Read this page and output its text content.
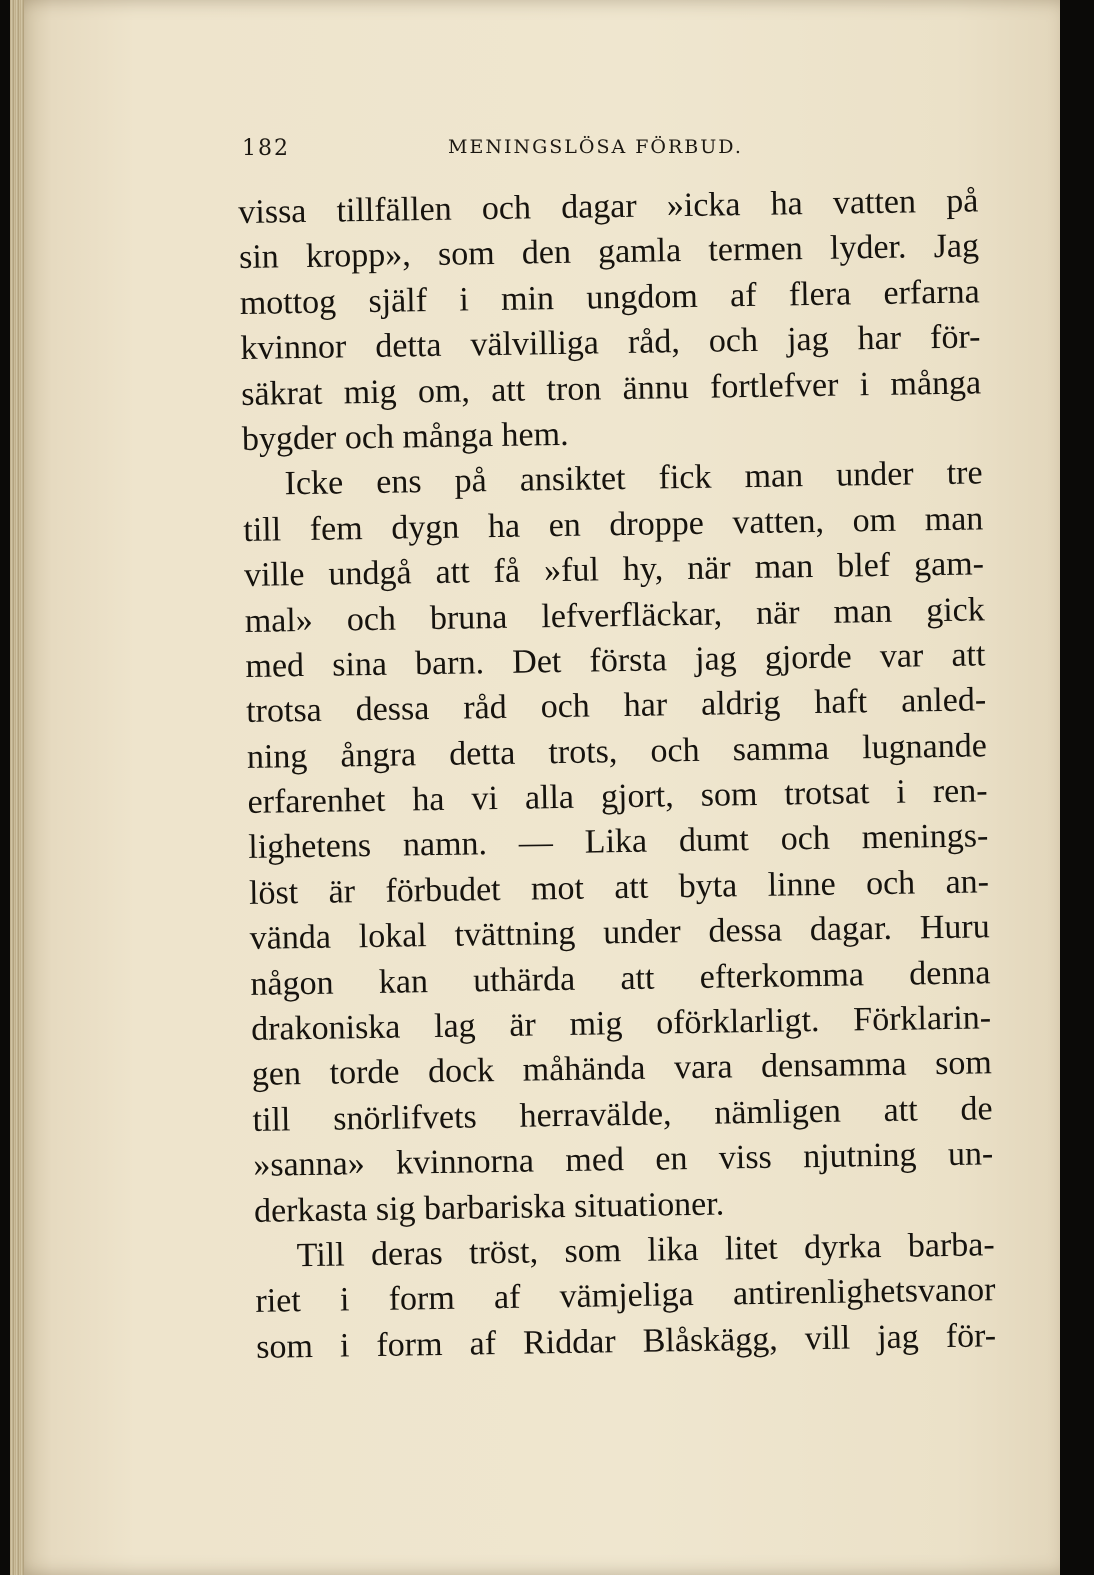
182	MENINGSLÖSA FÖRBUD.
vissa tillfällen och dagar »icka ha vatten på
sin kropp», som den gamla termen lyder. Jag
mottog själf i min ungdom af flera erfarna
kvinnor detta välvilliga råd, och jag har för-
säkrat mig om, att tron ännu fortlefver i många
bygder och många hem.
Icke ens på ansiktet fick man under tre
till fem dygn ha en droppe vatten, om man
ville undgå att få »ful hy, när man blef gam-
mal» och bruna lefverfläckar, när man gick
med sina barn. Det första jag gjorde var att
trotsa dessa råd och har aldrig haft anled-
ning ångra detta trots, och samma lugnande
erfarenhet ha vi alla gjort, som trotsat i ren-
lighetens namn. — Lika dumt och menings-
löst är förbudet mot att byta linne och an-
vända lokal tvättning under dessa dagar. Huru
någon kan uthärda att efterkomma denna
drakoniska lag är mig oförklarligt. Förklarin-
gen torde dock måhända vara densamma som
till snörlifvets herravälde, nämligen att de
»sanna» kvinnorna med en viss njutning un-
derkasta sig barbariska situationer.
Till deras tröst, som lika litet dyrka barba-
riet i form af vämjeliga antirenlighetsvanor
som i form af Riddar Blåskägg, vill jag för-
